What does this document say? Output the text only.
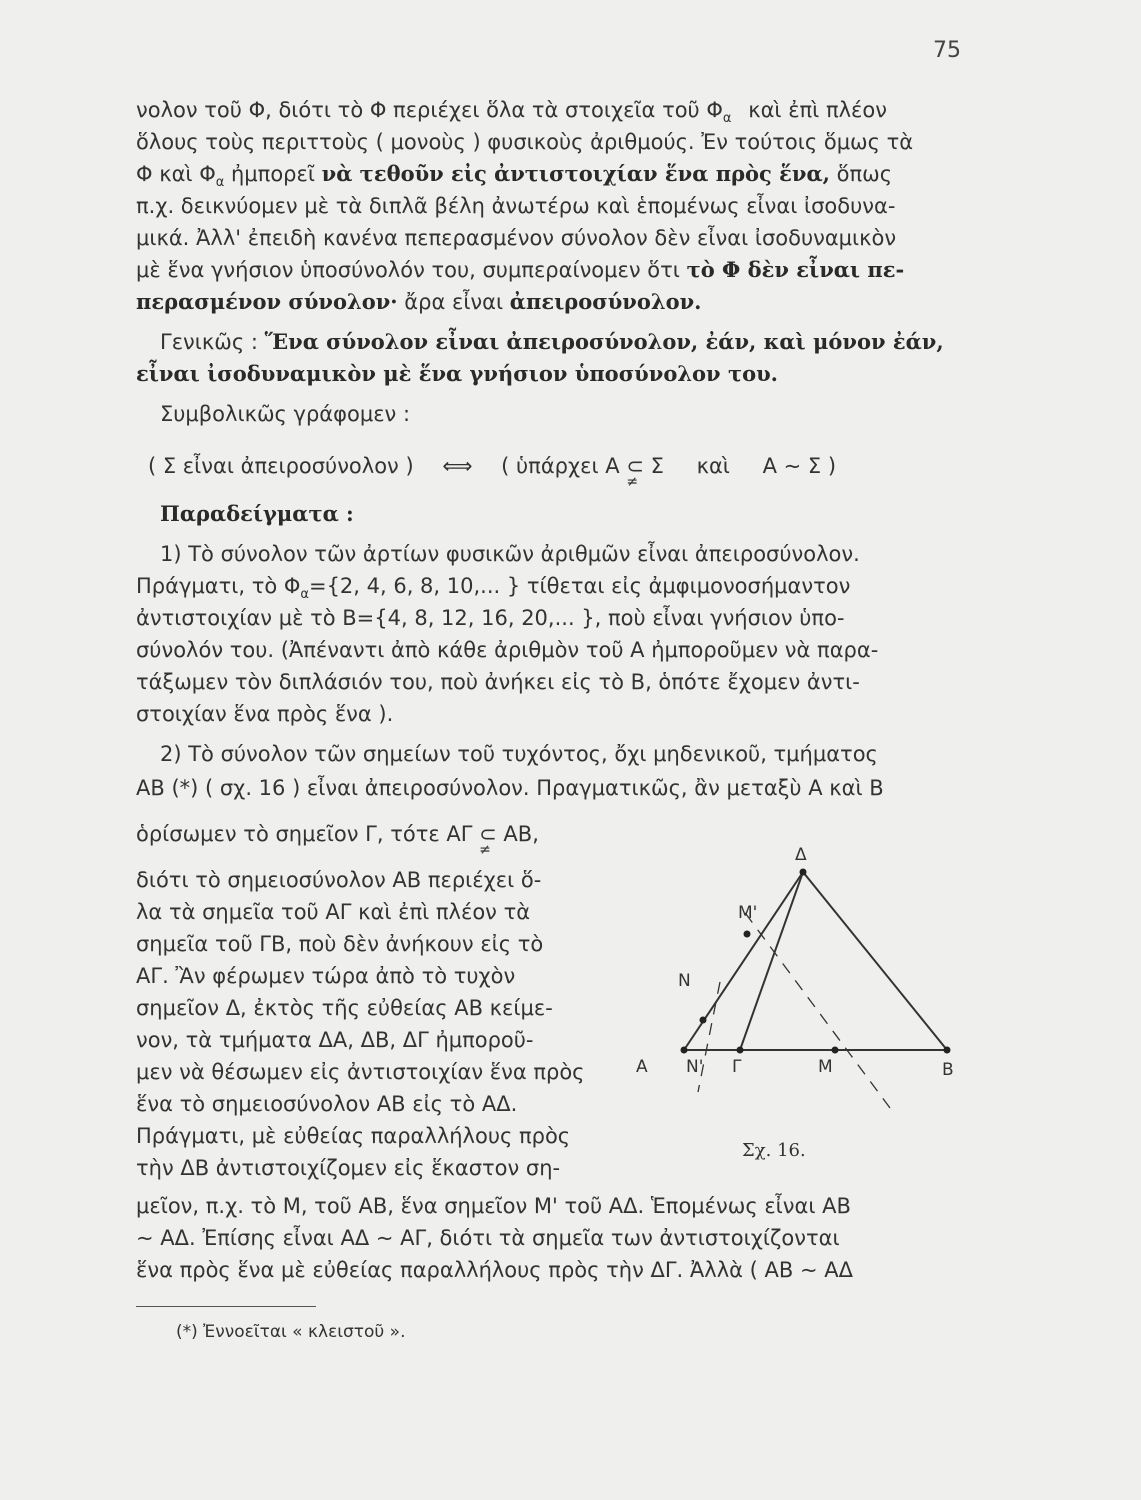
75
νολον τοῦ Φ, διότι τὸ Φ περιέχει ὅλα τὰ στοιχεῖα τοῦ $\Phi_\alpha$ καὶ ἐπὶ πλέον
ὅλους τοὺς περιττοὺς ( μονοὺς ) φυσικοὺς ἀριθμούς. Ἐν τούτοις ὅμως τὰ
Φ καὶ $\Phi_\alpha$ ἠμπορεῖ νὰ τεθοῦν εἰς ἀντιστοιχίαν ἕνα πρὸς ἕνα, ὅπως
π.χ. δεικνύομεν μὲ τὰ διπλᾶ βέλη ἀνωτέρω καὶ ἑπομένως εἶναι ἰσοδυνα-
μικά. Ἀλλ' ἐπειδὴ κανένα πεπερασμένον σύνολον δὲν εἶναι ἰσοδυναμικὸν
μὲ ἕνα γνήσιον ὑποσύνολόν του, συμπεραίνομεν ὅτι τὸ Φ δὲν εἶναι πε-
περασμένον σύνολον· ἄρα εἶναι ἀπειροσύνολον.
Γενικῶς : Ἕνα σύνολον εἶναι ἀπειροσύνολον, ἐάν, καὶ μόνον ἐάν,
εἶναι ἰσοδυναμικὸν μὲ ἕνα γνήσιον ὑποσύνολον του.
Συμβολικῶς γράφομεν :
( Σ εἶναι ἀπειροσύνολον ) ⟺ ( ὑπάρχει Α ⊂
≠
Σ καὶ Α ∼ Σ )
Παραδείγματα :
1) Τὸ σύνολον τῶν ἀρτίων φυσικῶν ἀριθμῶν εἶναι ἀπειροσύνολον.
Πράγματι, τὸ $\Phi_\alpha=\{2$, 4, 6, 8, 10,... } τίθεται εἰς ἀμφιμονοσήμαντον
ἀντιστοιχίαν μὲ τὸ B={4, 8, 12, 16, 20,... }, ποὺ εἶναι γνήσιον ὑπο-
σύνολόν του. (Ἀπέναντι ἀπὸ κάθε ἀριθμὸν τοῦ Α ἠμποροῦμεν νὰ παρα-
τάξωμεν τὸν διπλάσιόν του, ποὺ ἀνήκει εἰς τὸ Β, ὁπότε ἔχομεν ἀντι-
στοιχίαν ἕνα πρὸς ἕνα ).
2) Τὸ σύνολον τῶν σημείων τοῦ τυχόντος, ὄχι μηδενικοῦ, τμήματος
ΑΒ (*) ( σχ. 16 ) εἶναι ἀπειροσύνολον. Πραγματικῶς, ἂν μεταξὺ Α καὶ Β
ὁρίσωμεν τὸ σημεῖον Γ, τότε ΑΓ ⊂
≠
ΑΒ,
διότι τὸ σημειοσύνολον ΑΒ περιέχει ὅ-
λα τὰ σημεῖα τοῦ ΑΓ καὶ ἐπὶ πλέον τὰ
σημεῖα τοῦ ΓΒ, ποὺ δὲν ἀνήκουν εἰς τὸ
ΑΓ. Ἂν φέρωμεν τώρα ἀπὸ τὸ τυχὸν
σημεῖον Δ, ἐκτὸς τῆς εὐθείας ΑΒ κείμε-
νον, τὰ τμήματα ΔΑ, ΔΒ, ΔΓ ἠμποροῦ-
μεν νὰ θέσωμεν εἰς ἀντιστοιχίαν ἕνα πρὸς
ἕνα τὸ σημειοσύνολον ΑΒ εἰς τὸ ΑΔ.
Πράγματι, μὲ εὐθείας παραλλήλους πρὸς
τὴν ΔΒ ἀντιστοιχίζομεν εἰς ἕκαστον ση-
μεῖον, π.χ. τὸ Μ, τοῦ ΑΒ, ἕνα σημεῖον Μ' τοῦ ΑΔ. Ἑπομένως εἶναι ΑΒ
∼ ΑΔ. Ἐπίσης εἶναι ΑΔ ∼ ΑΓ, διότι τὰ σημεῖα των ἀντιστοιχίζονται
ἕνα πρὸς ἕνα μὲ εὐθείας παραλλήλους πρὸς τὴν ΔΓ. Ἀλλὰ ( ΑΒ ∼ ΑΔ
Δ
M'
N
Α N' Γ	M	B
Σχ. 16.
(*) Ἐννοεῖται « κλειστοῦ ».
